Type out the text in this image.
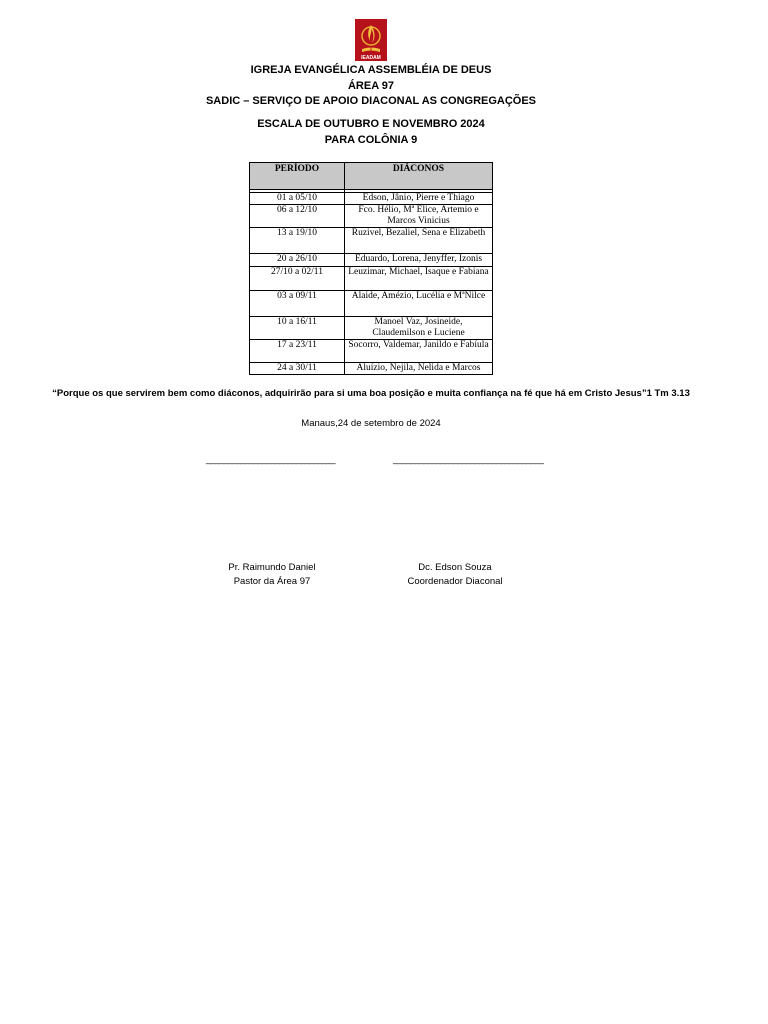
IEADAM
IGREJA EVANGÉLICA ASSEMBLÉIA DE DEUS
ÁREA 97
SADIC – SERVIÇO DE APOIO DIACONAL AS CONGREGAÇÕES
ESCALA DE OUTUBRO E NOVEMBRO 2024
PARA COLÔNIA 9
PERÍODO	DIÁCONOS

01 a 05/10	Edson, Jânio, Pierre e Thiago
06 a 12/10	Fco. Hélio, Mª Elice, Artemio e Marcos Vinicius
13 a 19/10	Ruzivel, Bezaliel, Sena e Elizabeth
20 a 26/10	Eduardo, Lorena, Jenyffer, Izonis
27/10 a 02/11	Leuzimar, Michael, Isaque e Fabiana
03 a 09/11	Alaide, Amézio, Lucélia e MªNilce
10 a 16/11	Manoel Vaz, Josineide, Claudemilson e Luciene
17 a 23/11	Socorro, Valdemar, Janildo e Fabíula
24 a 30/11	Aluízio, Nejila, Nelida e Marcos
“Porque os que servirem bem como diáconos, adquirirão para si uma boa posição e muita confiança na fé que há em Cristo Jesus”1 Tm 3.13
Manaus,24 de setembro de 2024
______________________________	___________________________________
Pr. Raimundo Daniel
Pastor da Área 97
Dc. Edson Souza
Coordenador Diaconal
